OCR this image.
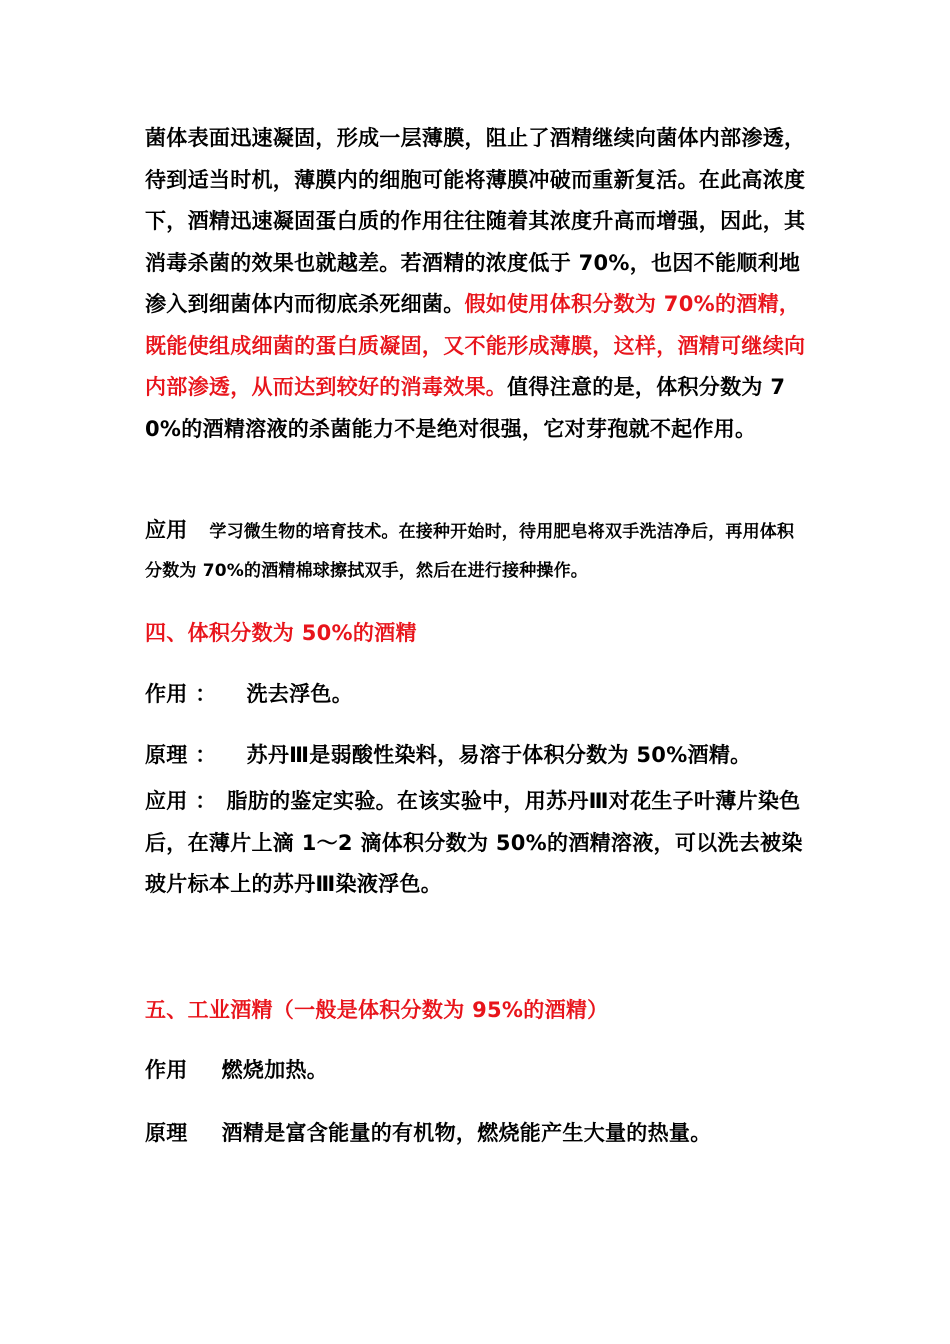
菌体表面迅速凝固，形成一层薄膜，阻止了酒精继续向菌体内部渗透，待到适当时机，薄膜内的细胞可能将薄膜冲破而重新复活。在此高浓度下，酒精迅速凝固蛋白质的作用往往随着其浓度升高而增强，因此，其消毒杀菌的效果也就越差。若酒精的浓度低于 70%，也因不能顺利地渗入到细菌体内而彻底杀死细菌。假如使用体积分数为 70%的酒精，既能使组成细菌的蛋白质凝固，又不能形成薄膜，这样，酒精可继续向内部渗透，从而达到较好的消毒效果。值得注意的是，体积分数为 70%的酒精溶液的杀菌能力不是绝对很强，它对芽孢就不起作用。

应用 学习微生物的培育技术。在接种开始时，待用肥皂将双手洗洁净后，再用体积分数为 70%的酒精棉球擦拭双手，然后在进行接种操作。

四、体积分数为 50%的酒精

作用 ： 洗去浮色。

原理 ： 苏丹Ⅲ是弱酸性染料，易溶于体积分数为 50%酒精。

应用 ： 脂肪的鉴定实验。在该实验中，用苏丹Ⅲ对花生子叶薄片染色后，在薄片上滴 1～2 滴体积分数为 50%的酒精溶液，可以洗去被染玻片标本上的苏丹Ⅲ染液浮色。

五、工业酒精（一般是体积分数为 95%的酒精）

作用 燃烧加热。

原理 酒精是富含能量的有机物，燃烧能产生大量的热量。
